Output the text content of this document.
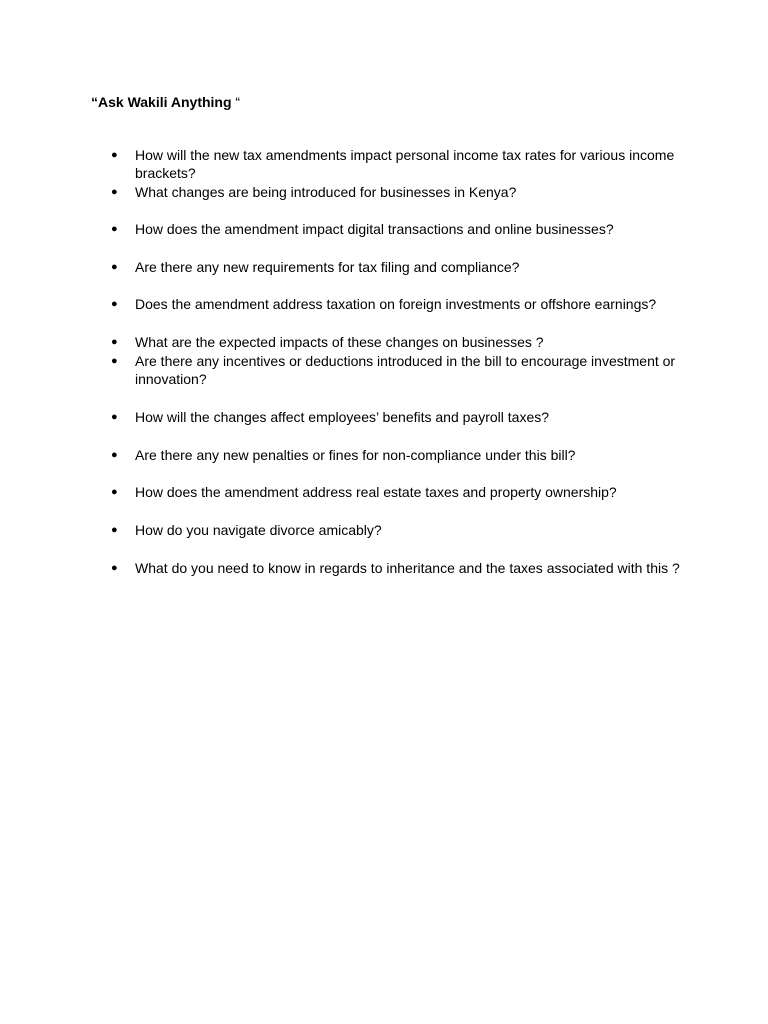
“Ask Wakili Anything “
●	How will the new tax amendments impact personal income tax rates for various income brackets?
●	What changes are being introduced for businesses in Kenya?
●	How does the amendment impact digital transactions and online businesses?
●	Are there any new requirements for tax filing and compliance?
●	Does the amendment address taxation on foreign investments or offshore earnings?
●	What are the expected impacts of these changes on businesses ?
●	Are there any incentives or deductions introduced in the bill to encourage investment or innovation?
●	How will the changes affect employees’ benefits and payroll taxes?
●	Are there any new penalties or fines for non-compliance under this bill?
●	How does the amendment address real estate taxes and property ownership?
●	How do you navigate divorce amicably?
●	What do you need to know in regards to inheritance and the taxes associated with this ?
